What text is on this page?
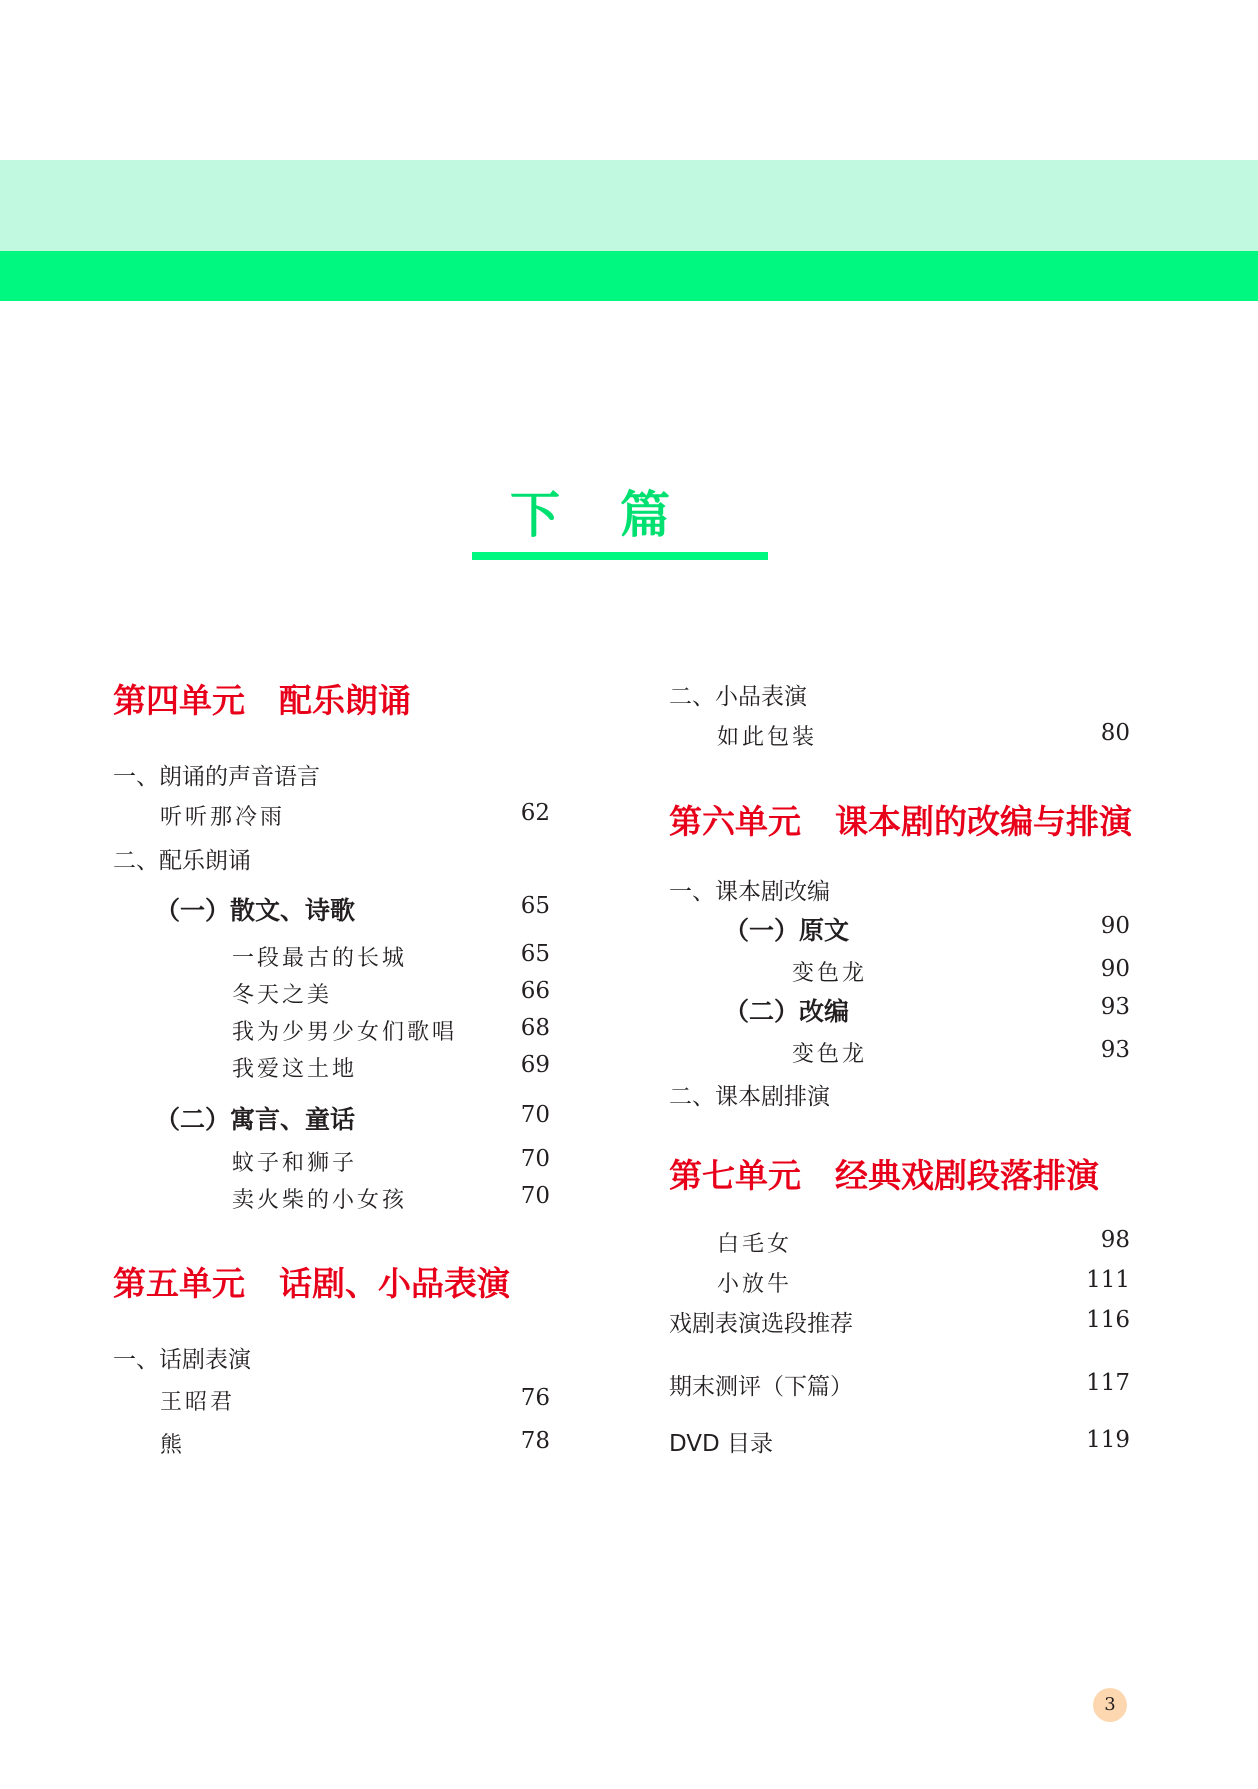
下篇
第四单元 配乐朗诵
一、朗诵的声音语言
听听那冷雨	62
二、配乐朗诵
（一）散文、诗歌	65
一段最古的长城	65
冬天之美	66
我为少男少女们歌唱	68
我爱这土地	69
（二）寓言、童话	70
蚊子和狮子	70
卖火柴的小女孩	70
第五单元 话剧、小品表演
一、话剧表演
王昭君	76
熊	78
二、小品表演
如此包装	80
第六单元 课本剧的改编与排演
一、课本剧改编
（一）原文	90
变色龙	90
（二）改编	93
变色龙	93
二、课本剧排演
第七单元 经典戏剧段落排演
白毛女	98
小放牛	111
戏剧表演选段推荐	116
期末测评（下篇）	117
DVD 目录	119
3
